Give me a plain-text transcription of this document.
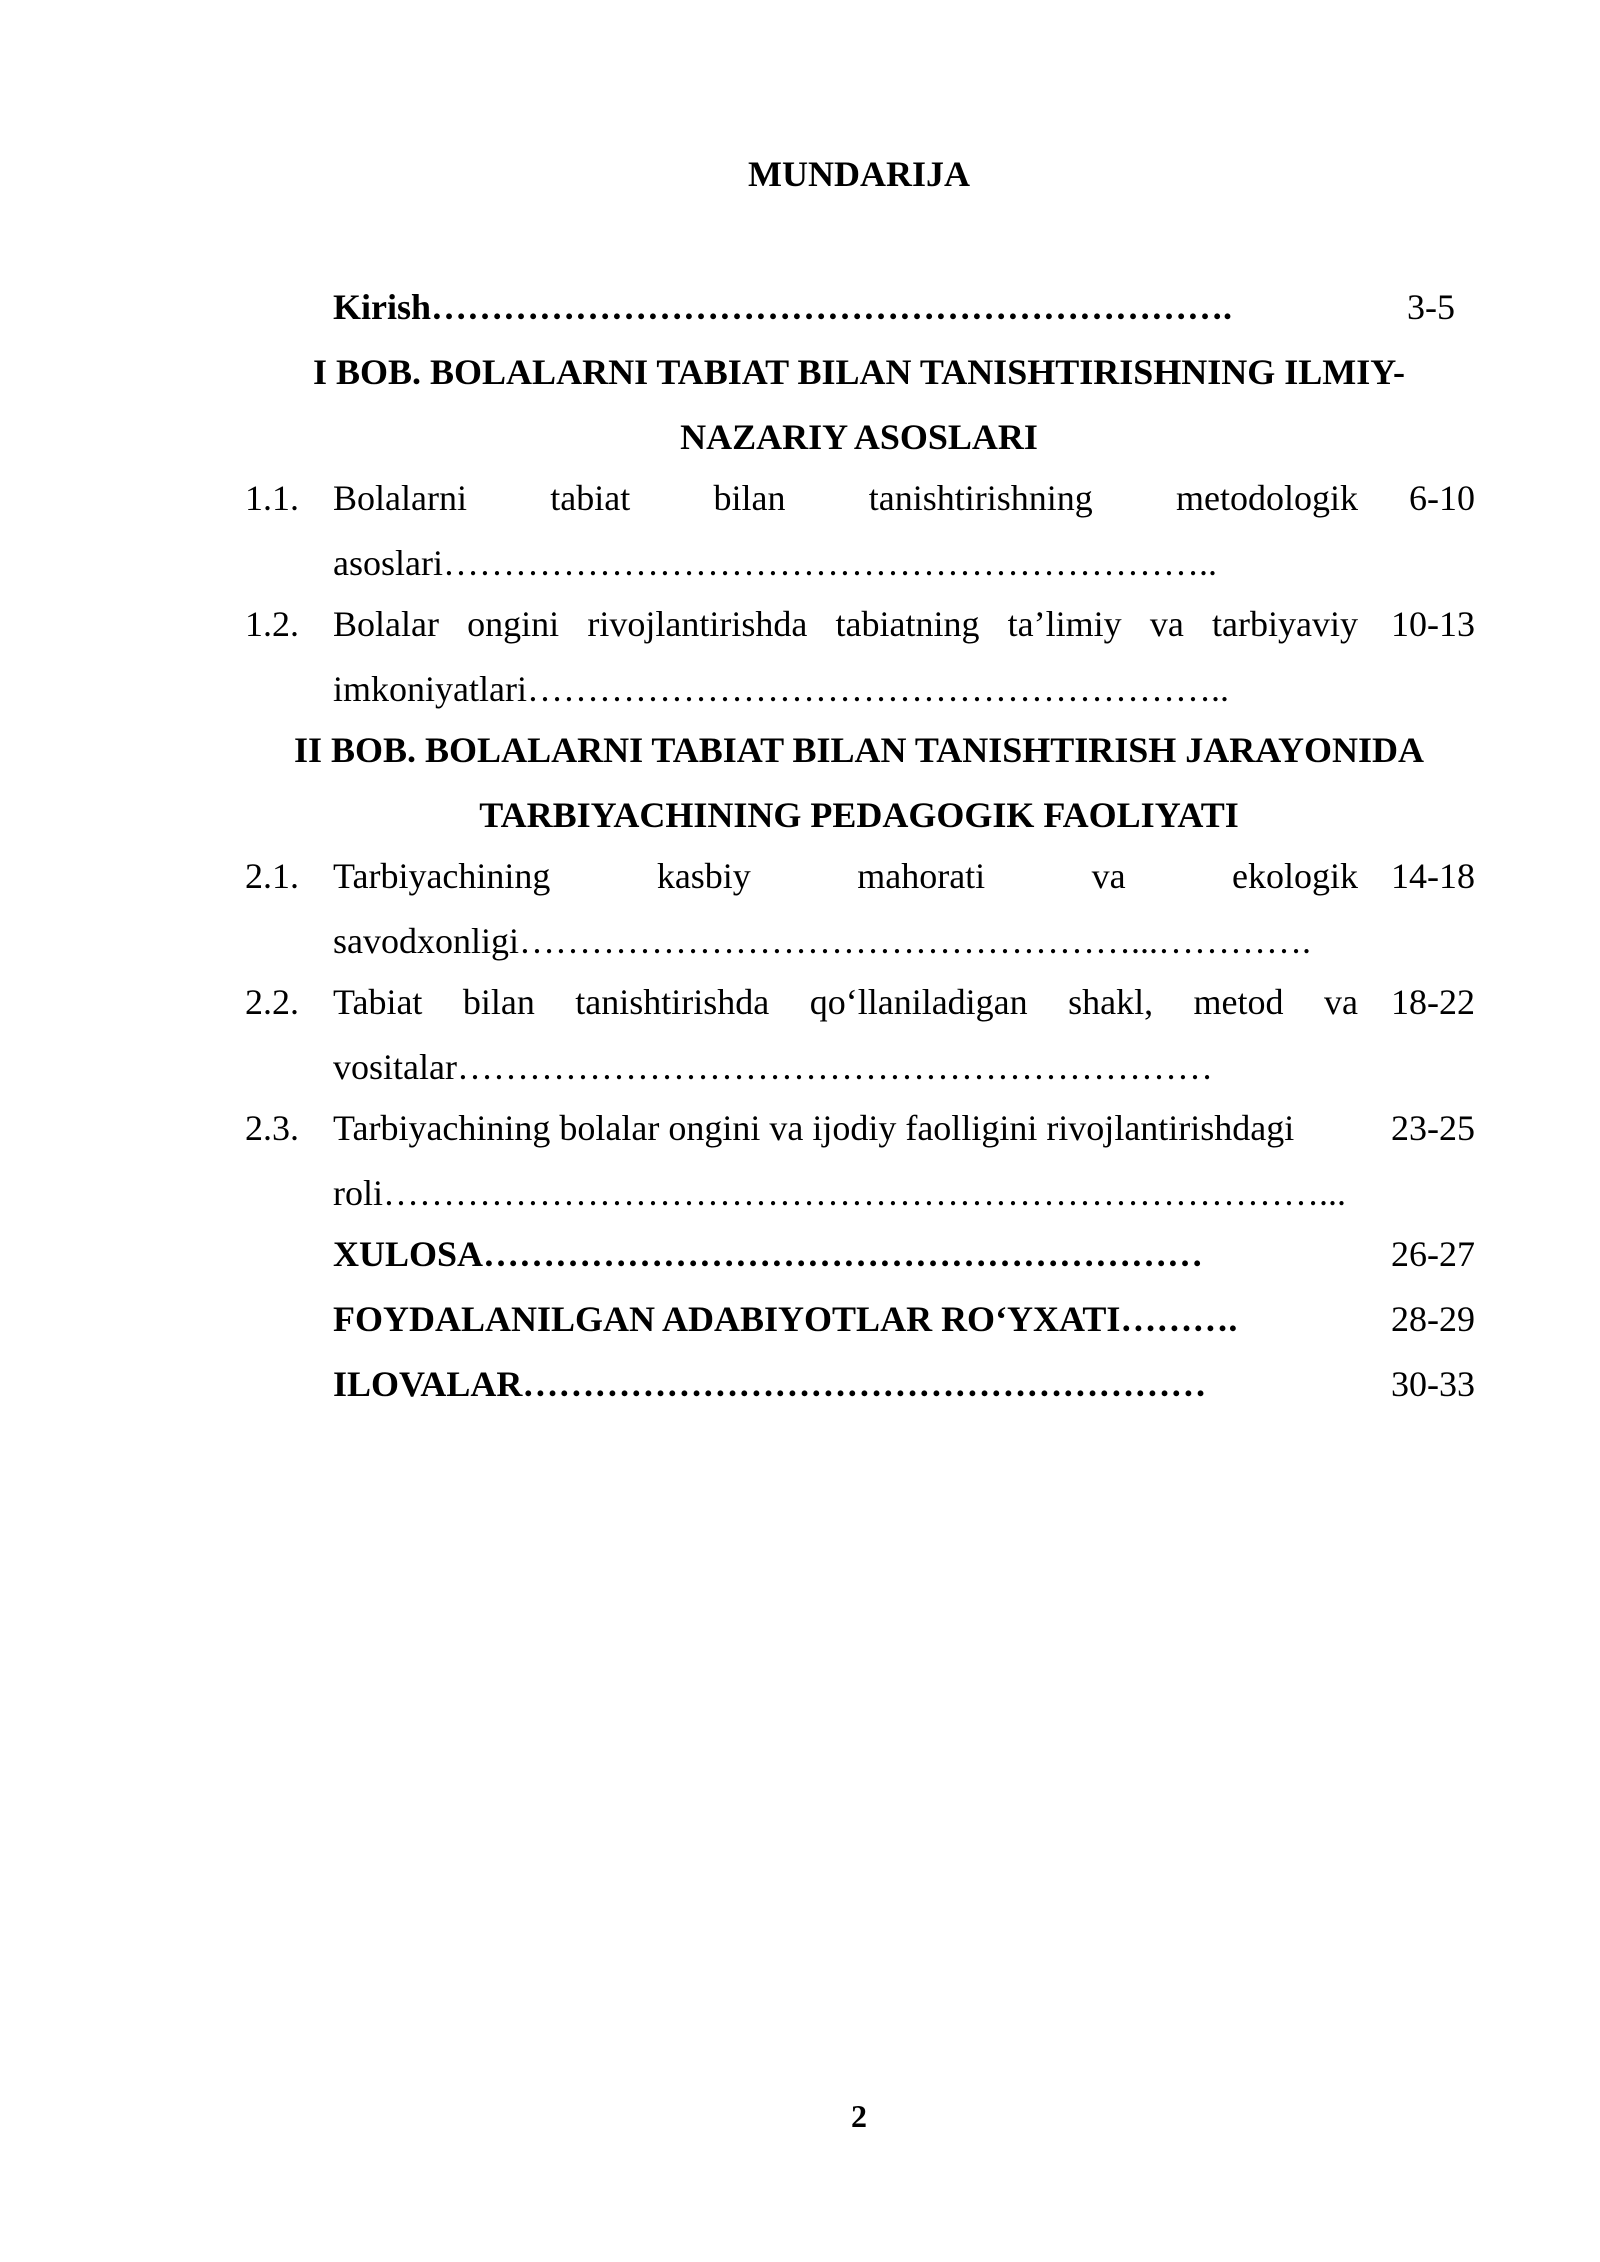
MUNDARIJA
Kirish………………………………………………………….	3-5
I BOB. BOLALARNI TABIAT BILAN TANISHTIRISHNING ILMIY-
NAZARIY ASOSLARI
1.1. Bolalarni tabiat bilan tanishtirishning metodologik	6-10
asoslari………………………………………………………..
1.2. Bolalar ongini rivojlantirishda tabiatning ta’limiy va tarbiyaviy 10-13
imkoniyatlari…………………………………………………..
II BOB. BOLALARNI TABIAT BILAN TANISHTIRISH JARAYONIDA
TARBIYACHINING PEDAGOGIK FAOLIYATI
2.1. Tarbiyachining	kasbiy	mahorati	va	ekologik 14-18
savodxonligi……………………………………………...………….
2.2. Tabiat bilan tanishtirishda qo‘llaniladigan shakl, metod va 18-22
vositalar………………………………………………………
2.3. Tarbiyachining bolalar ongini va ijodiy faolligini rivojlantirishdagi	23-25
roli……………………………………………………………………...
XULOSA……………………………………………………	26-27
FOYDALANILGAN ADABIYOTLAR RO‘YXATI……….	28-29
ILOVALAR…………………………………………………	30-33
2
